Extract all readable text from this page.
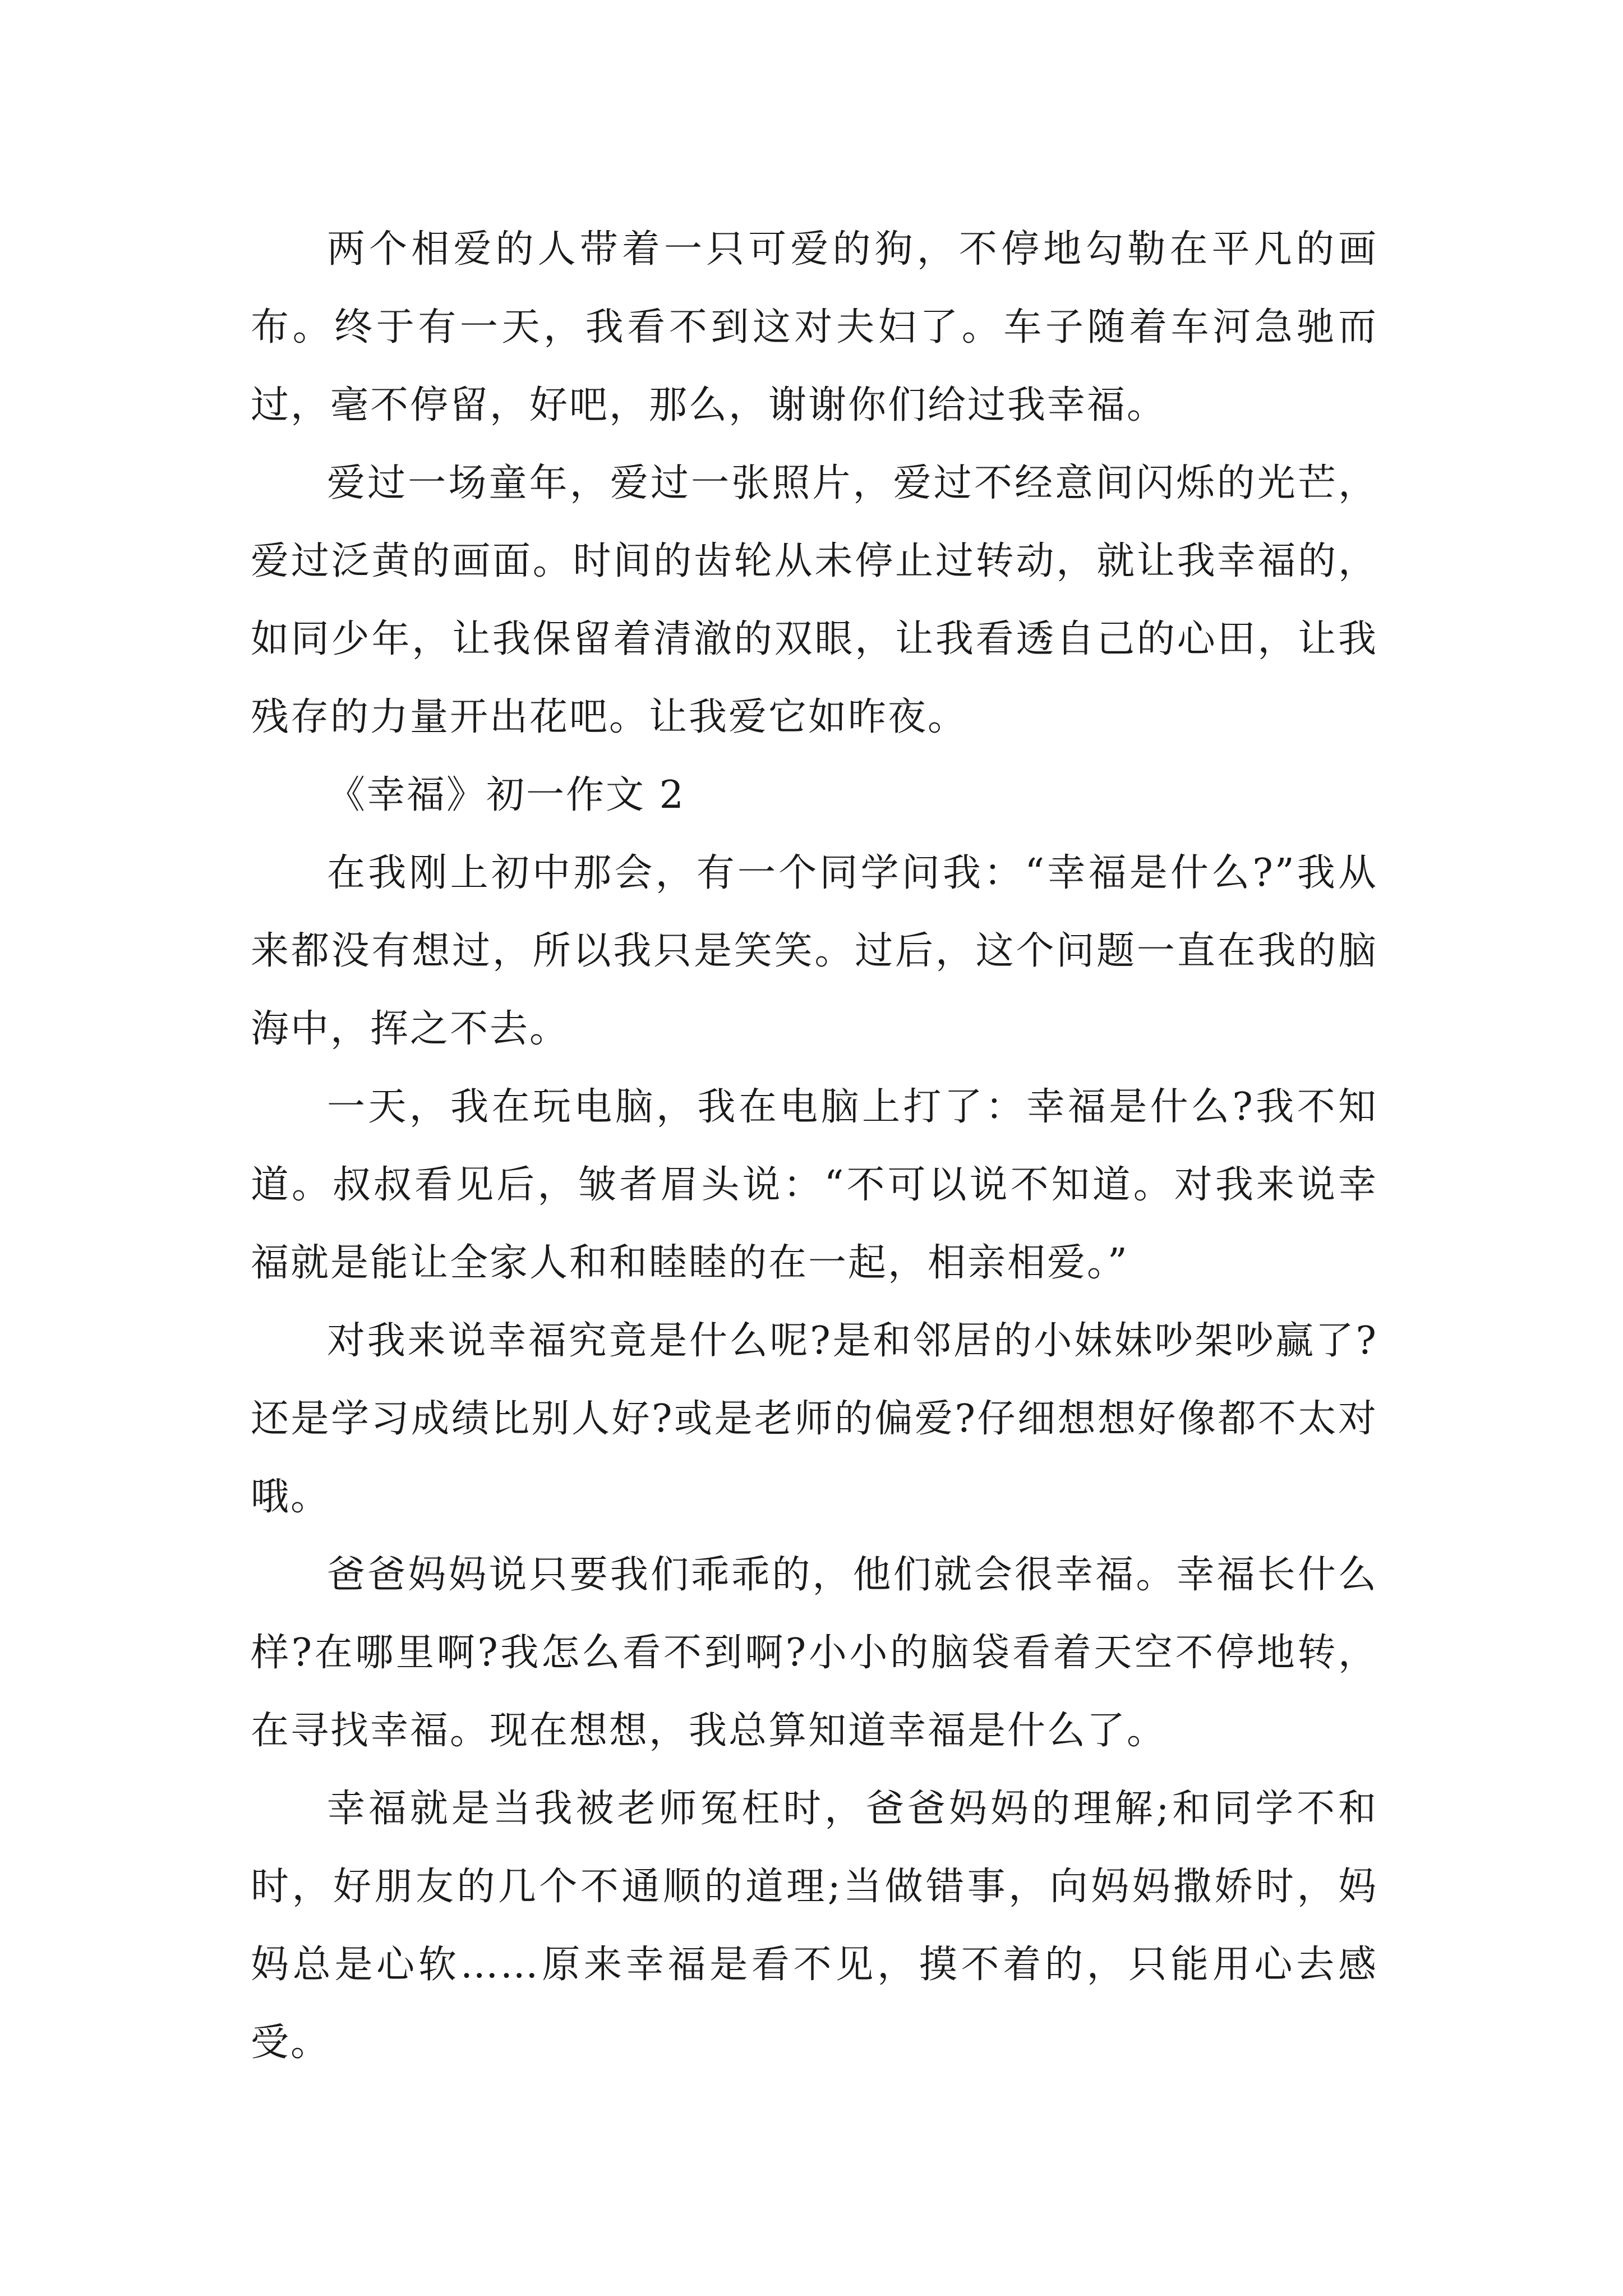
两个相爱的人带着一只可爱的狗，不停地勾勒在平凡的画布。终于有一天，我看不到这对夫妇了。车子随着车河急驰而过，毫不停留，好吧，那么，谢谢你们给过我幸福。

爱过一场童年，爱过一张照片，爱过不经意间闪烁的光芒，爱过泛黄的画面。时间的齿轮从未停止过转动，就让我幸福的，如同少年，让我保留着清澈的双眼，让我看透自己的心田，让我残存的力量开出花吧。让我爱它如昨夜。

《幸福》初一作文 2

在我刚上初中那会，有一个同学问我：“幸福是什么?”我从来都没有想过，所以我只是笑笑。过后，这个问题一直在我的脑海中，挥之不去。

一天，我在玩电脑，我在电脑上打了：幸福是什么?我不知道。叔叔看见后，皱者眉头说：“不可以说不知道。对我来说幸福就是能让全家人和和睦睦的在一起，相亲相爱。”

对我来说幸福究竟是什么呢?是和邻居的小妹妹吵架吵赢了?还是学习成绩比别人好?或是老师的偏爱?仔细想想好像都不太对哦。

爸爸妈妈说只要我们乖乖的，他们就会很幸福。幸福长什么样?在哪里啊?我怎么看不到啊?小小的脑袋看着天空不停地转，在寻找幸福。现在想想，我总算知道幸福是什么了。

幸福就是当我被老师冤枉时，爸爸妈妈的理解;和同学不和时，好朋友的几个不通顺的道理;当做错事，向妈妈撒娇时，妈妈总是心软……原来幸福是看不见，摸不着的，只能用心去感受。
